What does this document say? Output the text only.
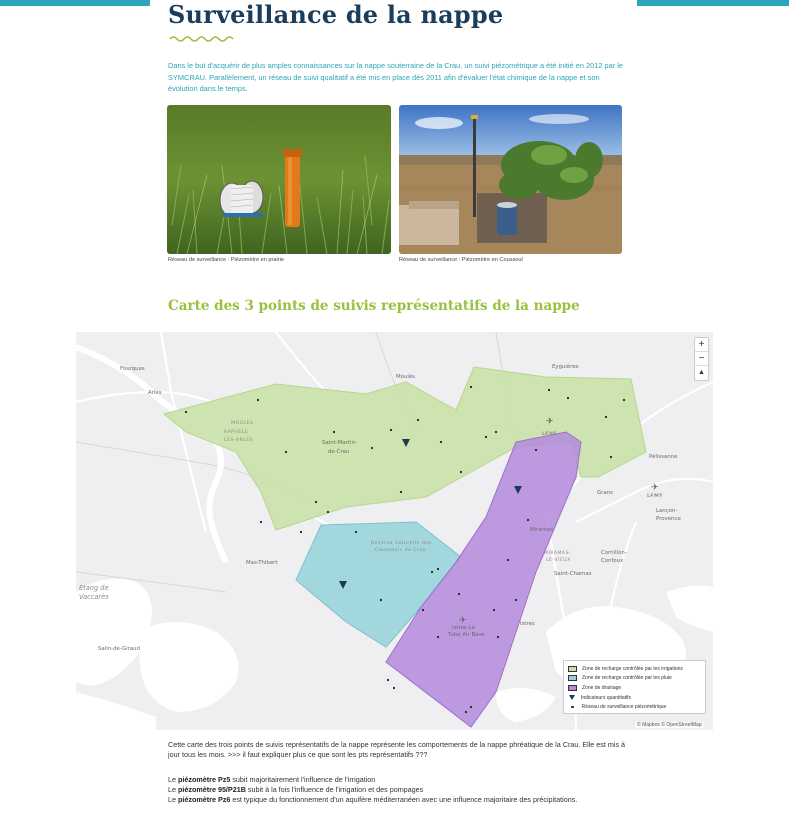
Surveillance de la nappe

Dans le but d'acquérir de plus amples connaissances sur la nappe souterraine de la Crau, un suivi piézométrique a été initié en 2012 par le SYMCRAU. Parallèlement, un réseau de suivi qualitatif a été mis en place dès 2011 afin d'évaluer l'état chimique de la nappe et son évolution dans le temps.

Réseau de surveillance : Piézomètre en prairie	Réseau de surveillance : Piézomètre en Coussoul
Carte des 3 points de suivis représentatifs de la nappe
✈
✈
✈
Fourques
Arles
Moulès
Saint-Martin-
de-Crau
Eyguières
Pélissanne
Grans
Lançon-
Provence
Mas-Thibert
Miramas
Cornillon-
Confoux
Saint-Chamas
Istres-Le
Tubé Air Base
Istres
Salin-de-Giraud
MOULÈS
RAPHÈLE
LÈS-ARLES
MIRAMAS-
LE-VIEUX
LFNE
LFMY
Réserve naturelle des
Coussouls de Crau
Étang de
Vaccarès
+
−
▲
Zone de recharge contrôlée par les irrigations
Zone de recharge contrôlée par les pluie
Zone de drainage
Indicateurs quantitatifs
Réseau de surveillance piézométrique
© Mapbox © OpenStreetMap

Cette carte des trois points de suivis représentatifs de la nappe représente les comportements de la nappe phréatique de la Crau. Elle est mis à jour tous les mois. >>> il faut expliquer plus ce que sont les pts représentatifs ???

Le piézomètre Pz5 subit majoritairement l'influence de l'irrigation
Le piézomètre 95/P21B subit à la fois l'influence de l'irrigation et des pompages
Le piézomètre Pz6 est typique du fonctionnement d'un aquifère méditerranéen avec une influence majoritaire des précipitations.
